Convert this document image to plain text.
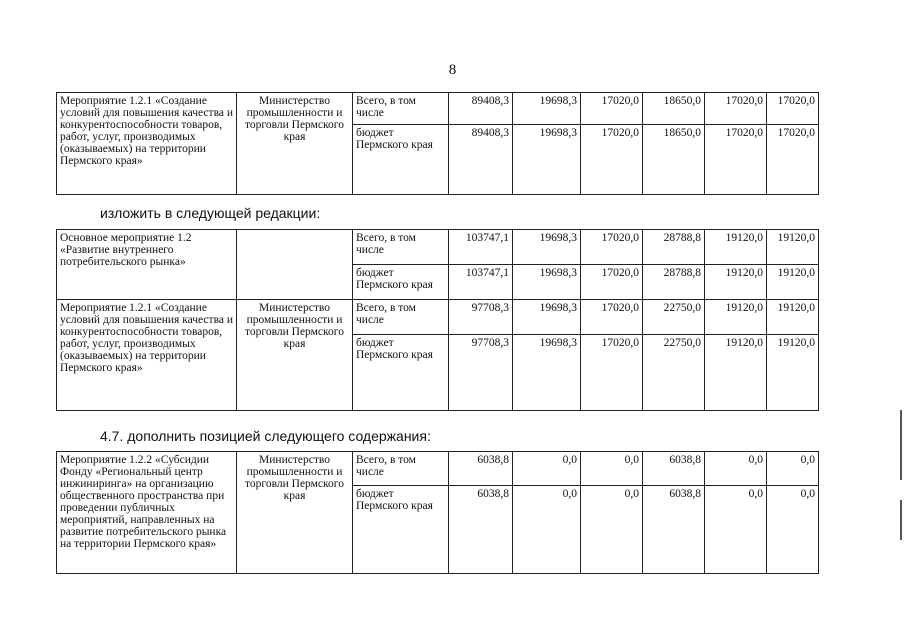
8
Мероприятие 1.2.1 «Создание условий для повышения качества и конкурентоспособности товаров, работ, услуг, производимых (оказываемых) на территории Пермского края»	Министерство промышленности и торговли Пермского края	Всего, в том числе	89408,3	19698,3	17020,0	18650,0	17020,0	17020,0
		бюджет Пермского края	89408,3	19698,3	17020,0	18650,0	17020,0	17020,0
изложить в следующей редакции:
Основное мероприятие 1.2 «Развитие внутреннего потребительского рынка»		Всего, в том числе	103747,1	19698,3	17020,0	28788,8	19120,0	19120,0
		бюджет Пермского края	103747,1	19698,3	17020,0	28788,8	19120,0	19120,0
Мероприятие 1.2.1 «Создание условий для повышения качества и конкурентоспособности товаров, работ, услуг, производимых (оказываемых) на территории Пермского края»	Министерство промышленности и торговли Пермского края	Всего, в том числе	97708,3	19698,3	17020,0	22750,0	19120,0	19120,0
		бюджет Пермского края	97708,3	19698,3	17020,0	22750,0	19120,0	19120,0
4.7. дополнить позицией следующего содержания:
Мероприятие 1.2.2 «Субсидии Фонду «Региональный центр инжиниринга» на организацию общественного пространства при проведении публичных мероприятий, направленных на развитие потребительского рынка на территории Пермского края»	Министерство промышленности и торговли Пермского края	Всего, в том числе	6038,8	0,0	0,0	6038,8	0,0	0,0
		бюджет Пермского края	6038,8	0,0	0,0	6038,8	0,0	0,0
